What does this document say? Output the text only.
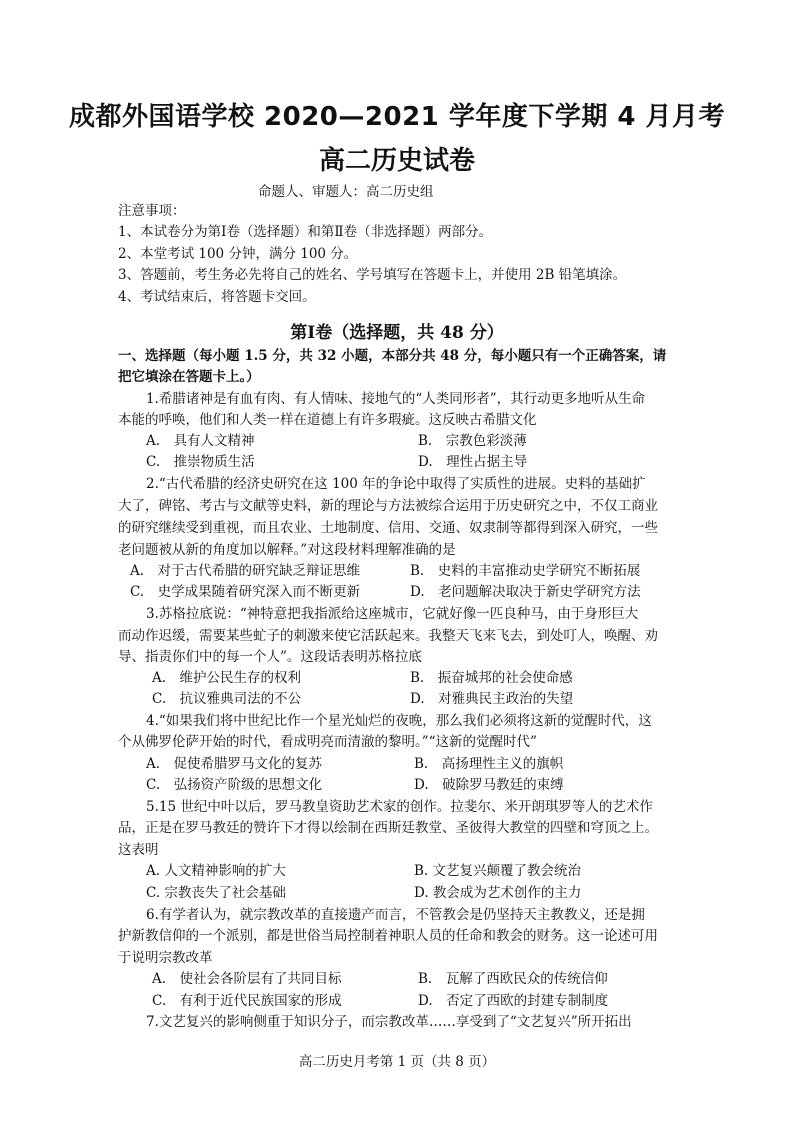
成都外国语学校 2020—2021 学年度下学期 4 月月考
高二历史试卷
命题人、审题人：高二历史组
注意事项：
1、本试卷分为第Ⅰ卷（选择题）和第Ⅱ卷（非选择题）两部分。
2、本堂考试 100 分钟，满分 100 分。
3、答题前，考生务必先将自己的姓名、学号填写在答题卡上，并使用 2B 铅笔填涂。
4、考试结束后，将答题卡交回。
第Ⅰ卷（选择题，共 48 分）
一、选择题（每小题 1.5 分，共 32 小题，本部分共 48 分，每小题只有一个正确答案，请
把它填涂在答题卡上。）
1.希腊诸神是有血有肉、有人情味、接地气的“人类同形者”，其行动更多地听从生命
本能的呼唤，他们和人类一样在道德上有许多瑕疵。这反映古希腊文化
A.　具有人文精神	B.　宗教色彩淡薄
C.　推崇物质生活	D.　理性占据主导
2.“古代希腊的经济史研究在这 100 年的争论中取得了实质性的进展。史料的基础扩
大了，碑铭、考古与文献等史料，新的理论与方法被综合运用于历史研究之中，不仅工商业
的研究继续受到重视，而且农业、土地制度、信用、交通、奴隶制等都得到深入研究，一些
老问题被从新的角度加以解释。”对这段材料理解准确的是
A.　对于古代希腊的研究缺乏辩证思维	B.　史料的丰富推动史学研究不断拓展
C.　史学成果随着研究深入而不断更新	D.　老问题解决取决于新史学研究方法
3.苏格拉底说：“神特意把我指派给这座城市，它就好像一匹良种马，由于身形巨大
而动作迟缓，需要某些虻子的刺激来使它活跃起来。我整天飞来飞去，到处叮人，唤醒、劝
导、指责你们中的每一个人”。这段话表明苏格拉底
A.　维护公民生存的权利	B.　振奋城邦的社会使命感
C.　抗议雅典司法的不公	D.　对雅典民主政治的失望
4.“如果我们将中世纪比作一个星光灿烂的夜晚，那么我们必须将这新的觉醒时代，这
个从佛罗伦萨开始的时代，看成明亮而清澈的黎明。”“这新的觉醒时代”
A.　促使希腊罗马文化的复苏	B.　高扬理性主义的旗帜
C.　弘扬资产阶级的思想文化	D.　破除罗马教廷的束缚
5.15 世纪中叶以后，罗马教皇资助艺术家的创作。拉斐尔、米开朗琪罗等人的艺术作
品，正是在罗马教廷的赞许下才得以绘制在西斯廷教堂、圣彼得大教堂的四壁和穹顶之上。
这表明
A. 人文精神影响的扩大	B. 文艺复兴颠覆了教会统治
C. 宗教丧失了社会基础	D. 教会成为艺术创作的主力
6.有学者认为，就宗教改革的直接遗产而言，不管教会是仍坚持天主教教义，还是拥
护新教信仰的一个派别，都是世俗当局控制着神职人员的任命和教会的财务。这一论述可用
于说明宗教改革
A.　使社会各阶层有了共同目标	B.　瓦解了西欧民众的传统信仰
C.　有利于近代民族国家的形成	D.　否定了西欧的封建专制制度
7.文艺复兴的影响侧重于知识分子，而宗教改革……享受到了“文艺复兴”所开拓出
高二历史月考第 1 页（共 8 页）
